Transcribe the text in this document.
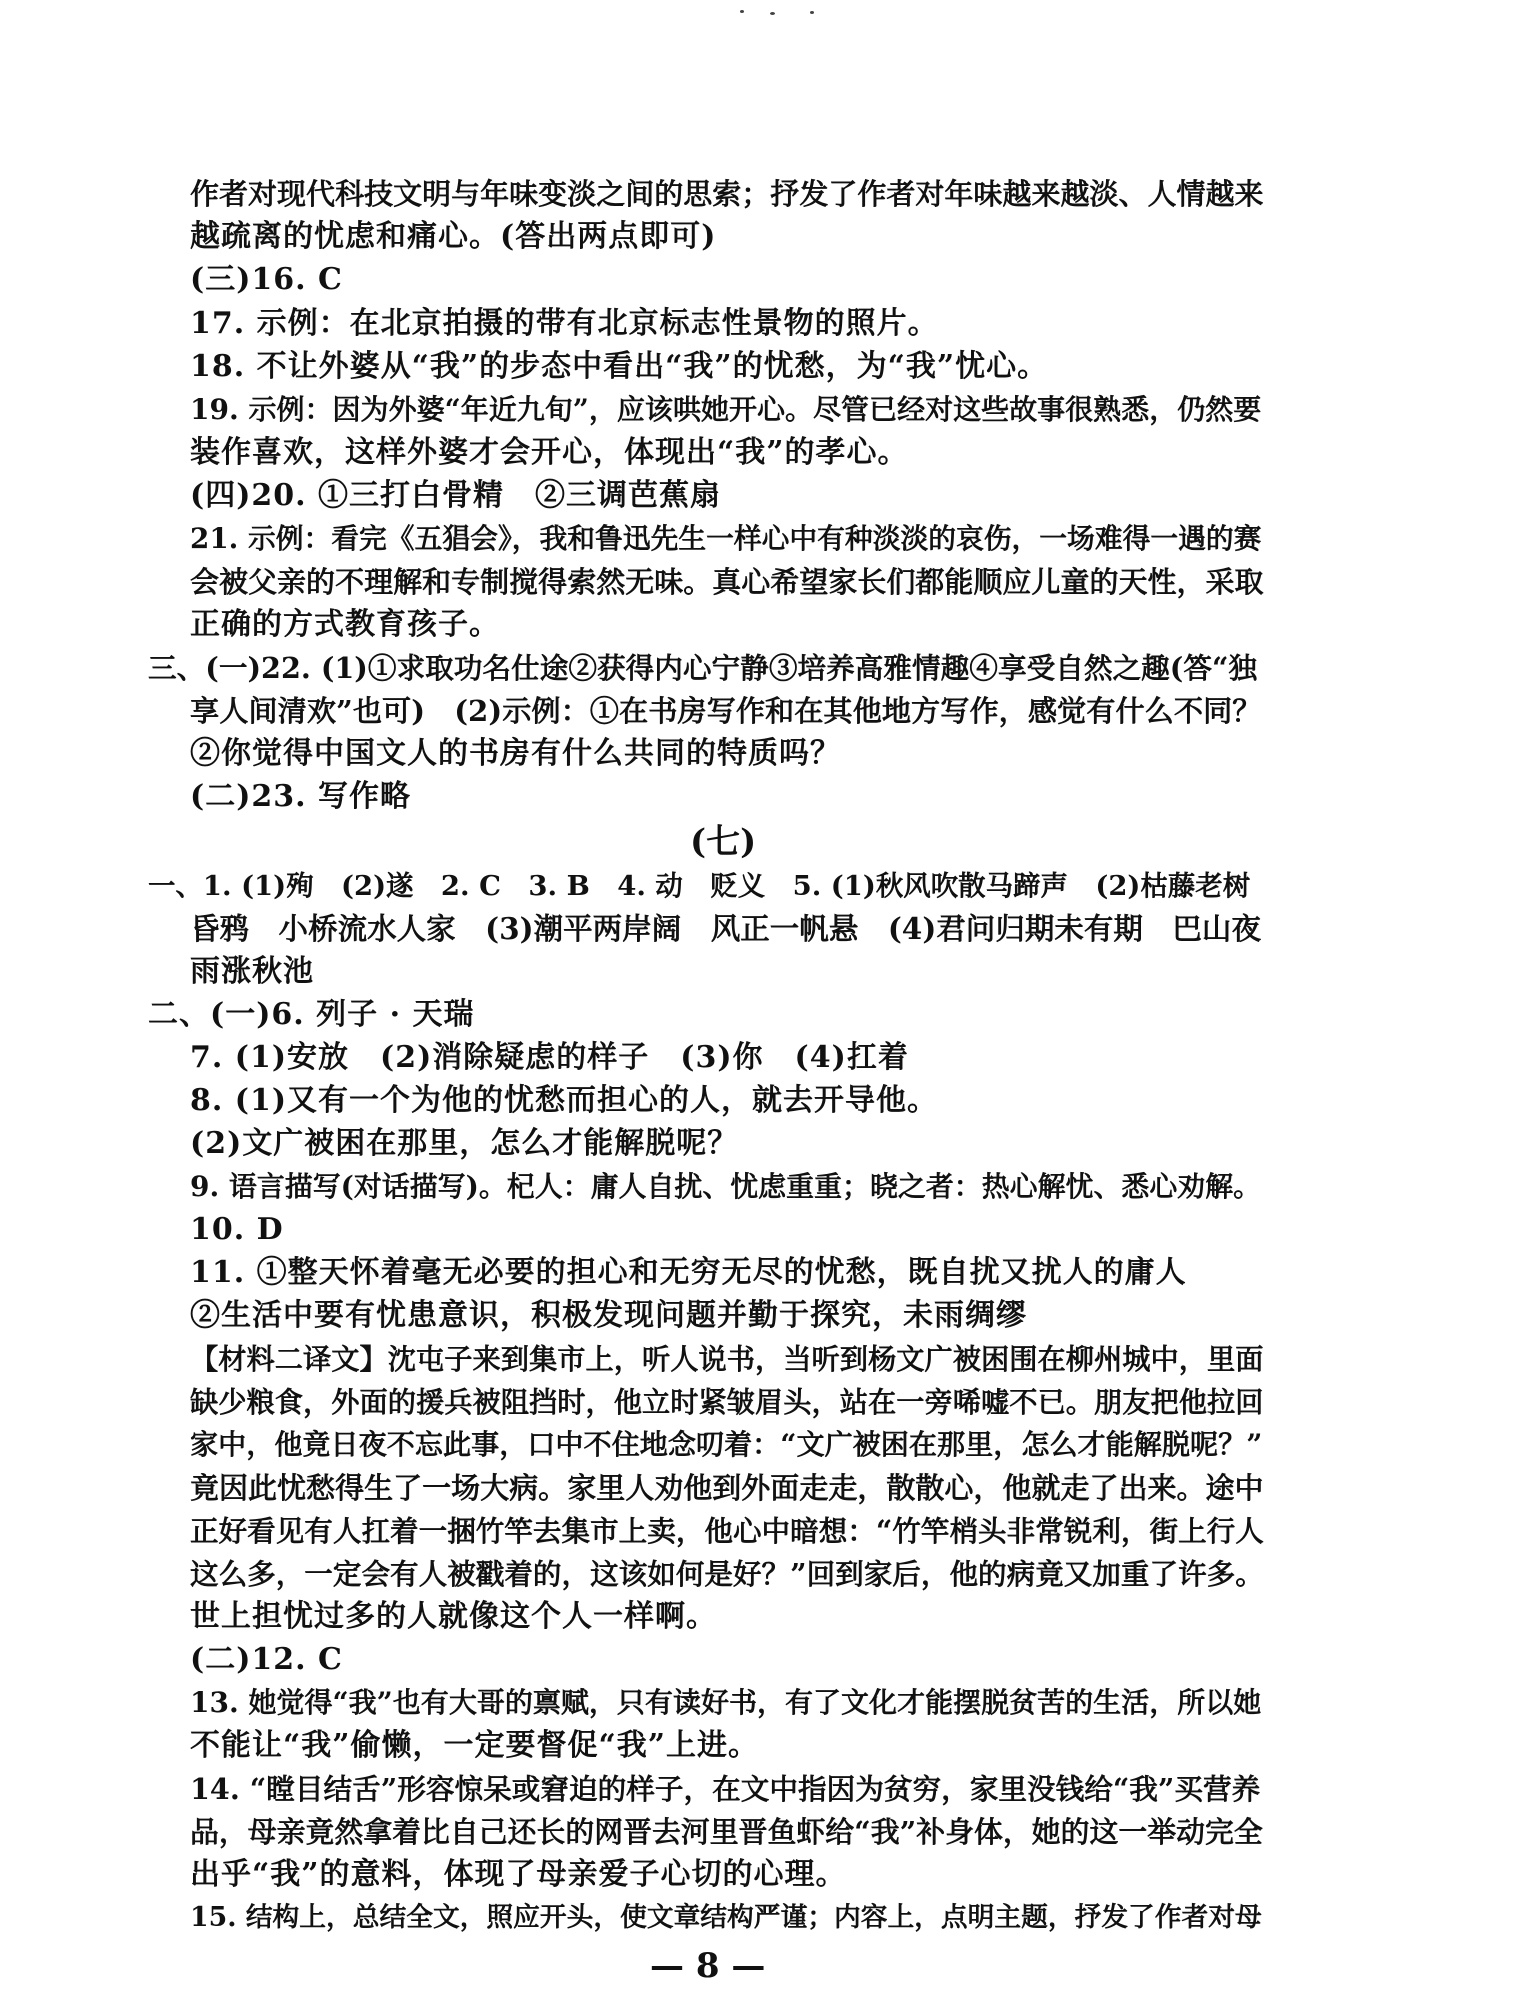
作者对现代科技文明与年味变淡之间的思索；抒发了作者对年味越来越淡、人情越来
越疏离的忧虑和痛心。(答出两点即可)
(三)16. C
17. 示例：在北京拍摄的带有北京标志性景物的照片。
18. 不让外婆从“我”的步态中看出“我”的忧愁，为“我”忧心。
19. 示例：因为外婆“年近九旬”，应该哄她开心。尽管已经对这些故事很熟悉，仍然要
装作喜欢，这样外婆才会开心，体现出“我”的孝心。
(四)20. ①三打白骨精　②三调芭蕉扇
21. 示例：看完《五猖会》，我和鲁迅先生一样心中有种淡淡的哀伤，一场难得一遇的赛
会被父亲的不理解和专制搅得索然无味。真心希望家长们都能顺应儿童的天性，采取
正确的方式教育孩子。
三、(一)22. (1)①求取功名仕途②获得内心宁静③培养高雅情趣④享受自然之趣(答“独
享人间清欢”也可)　(2)示例：①在书房写作和在其他地方写作，感觉有什么不同？
②你觉得中国文人的书房有什么共同的特质吗？
(二)23. 写作略
(七)
一、1. (1)殉　(2)遂　2. C　3. B　4. 动　贬义　5. (1)秋风吹散马蹄声　(2)枯藤老树
昏鸦　小桥流水人家　(3)潮平两岸阔　风正一帆悬　(4)君问归期未有期　巴山夜
雨涨秋池
二、(一)6. 列子 · 天瑞
7. (1)安放　(2)消除疑虑的样子　(3)你　(4)扛着
8. (1)又有一个为他的忧愁而担心的人，就去开导他。
(2)文广被困在那里，怎么才能解脱呢？
9. 语言描写(对话描写)。杞人：庸人自扰、忧虑重重；晓之者：热心解忧、悉心劝解。
10. D
11. ①整天怀着毫无必要的担心和无穷无尽的忧愁，既自扰又扰人的庸人
②生活中要有忧患意识，积极发现问题并勤于探究，未雨绸缪
【材料二译文】沈屯子来到集市上，听人说书，当听到杨文广被困围在柳州城中，里面
缺少粮食，外面的援兵被阻挡时，他立时紧皱眉头，站在一旁唏嘘不已。朋友把他拉回
家中，他竟日夜不忘此事，口中不住地念叨着：“文广被困在那里，怎么才能解脱呢？”
竟因此忧愁得生了一场大病。家里人劝他到外面走走，散散心，他就走了出来。途中
正好看见有人扛着一捆竹竿去集市上卖，他心中暗想：“竹竿梢头非常锐利，街上行人
这么多，一定会有人被戳着的，这该如何是好？”回到家后，他的病竟又加重了许多。
世上担忧过多的人就像这个人一样啊。
(二)12. C
13. 她觉得“我”也有大哥的禀赋，只有读好书，有了文化才能摆脱贫苦的生活，所以她
不能让“我”偷懒，一定要督促“我”上进。
14. “瞠目结舌”形容惊呆或窘迫的样子，在文中指因为贫穷，家里没钱给“我”买营养
品，母亲竟然拿着比自己还长的网晋去河里晋鱼虾给“我”补身体，她的这一举动完全
出乎“我”的意料，体现了母亲爱子心切的心理。
15. 结构上，总结全文，照应开头，使文章结构严谨；内容上，点明主题，抒发了作者对母
— 8 —
